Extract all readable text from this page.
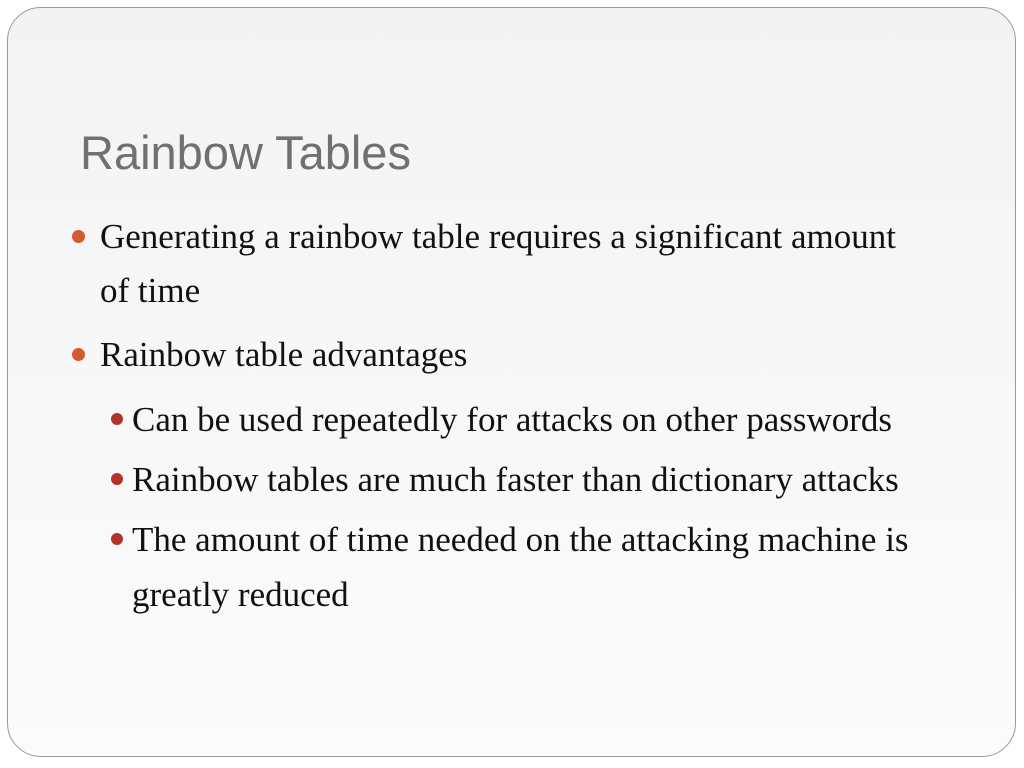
Rainbow Tables
Generating a rainbow table requires a significant amount of time
Rainbow table advantages
Can be used repeatedly for attacks on other passwords
Rainbow tables are much faster than dictionary attacks
The amount of time needed on the attacking machine is greatly reduced
